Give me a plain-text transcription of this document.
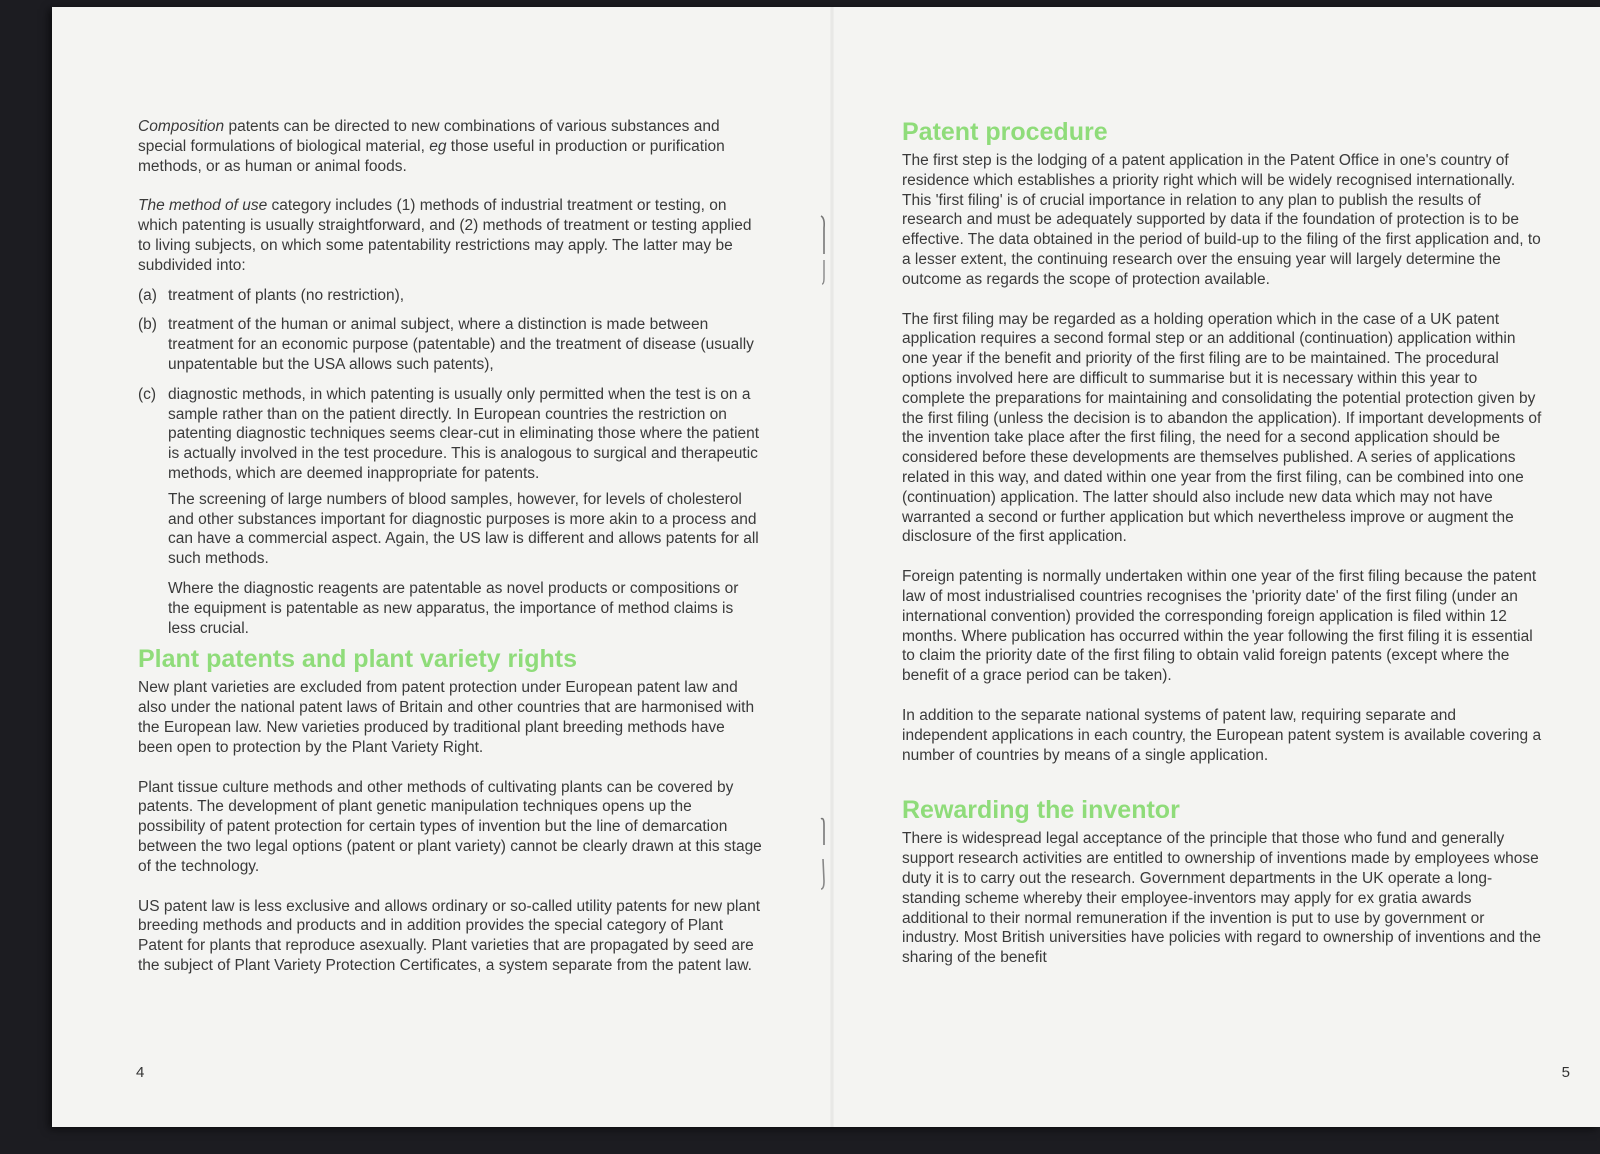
Composition patents can be directed to new combinations of various substances and special formulations of biological material, eg those useful in production or purification methods, or as human or animal foods.

The method of use category includes (1) methods of industrial treatment or testing, on which patenting is usually straightforward, and (2) methods of treatment or testing applied to living subjects, on which some patentability restrictions may apply. The latter may be subdivided into:

(a) treatment of plants (no restriction),
(b) treatment of the human or animal subject, where a distinction is made between treatment for an economic purpose (patentable) and the treatment of disease (usually unpatentable but the USA allows such patents),
(c) diagnostic methods, in which patenting is usually only permitted when the test is on a sample rather than on the patient directly. In European countries the restriction on patenting diagnostic techniques seems clear-cut in eliminating those where the patient is actually involved in the test procedure. This is analogous to surgical and therapeutic methods, which are deemed inappropriate for patents.

The screening of large numbers of blood samples, however, for levels of cholesterol and other substances important for diagnostic purposes is more akin to a process and can have a commercial aspect. Again, the US law is different and allows patents for all such methods.

Where the diagnostic reagents are patentable as novel products or compositions or the equipment is patentable as new apparatus, the importance of method claims is less crucial.

Plant patents and plant variety rights

New plant varieties are excluded from patent protection under European patent law and also under the national patent laws of Britain and other countries that are harmonised with the European law. New varieties produced by traditional plant breeding methods have been open to protection by the Plant Variety Right.

Plant tissue culture methods and other methods of cultivating plants can be covered by patents. The development of plant genetic manipulation techniques opens up the possibility of patent protection for certain types of invention but the line of demarcation between the two legal options (patent or plant variety) cannot be clearly drawn at this stage of the technology.

US patent law is less exclusive and allows ordinary or so-called utility patents for new plant breeding methods and products and in addition provides the special category of Plant Patent for plants that reproduce asexually. Plant varieties that are propagated by seed are the subject of Plant Variety Protection Certificates, a system separate from the patent law.

4
Patent procedure

The first step is the lodging of a patent application in the Patent Office in one's country of residence which establishes a priority right which will be widely recognised internationally. This 'first filing' is of crucial importance in relation to any plan to publish the results of research and must be adequately supported by data if the foundation of protection is to be effective. The data obtained in the period of build-up to the filing of the first application and, to a lesser extent, the continuing research over the ensuing year will largely determine the outcome as regards the scope of protection available.

The first filing may be regarded as a holding operation which in the case of a UK patent application requires a second formal step or an additional (continuation) application within one year if the benefit and priority of the first filing are to be maintained. The procedural options involved here are difficult to summarise but it is necessary within this year to complete the preparations for maintaining and consolidating the potential protection given by the first filing (unless the decision is to abandon the application). If important developments of the invention take place after the first filing, the need for a second application should be considered before these developments are themselves published. A series of applications related in this way, and dated within one year from the first filing, can be combined into one (continuation) application. The latter should also include new data which may not have warranted a second or further application but which nevertheless improve or augment the disclosure of the first application.

Foreign patenting is normally undertaken within one year of the first filing because the patent law of most industrialised countries recognises the 'priority date' of the first filing (under an international convention) provided the corresponding foreign application is filed within 12 months. Where publication has occurred within the year following the first filing it is essential to claim the priority date of the first filing to obtain valid foreign patents (except where the benefit of a grace period can be taken).

In addition to the separate national systems of patent law, requiring separate and independent applications in each country, the European patent system is available covering a number of countries by means of a single application.

Rewarding the inventor

There is widespread legal acceptance of the principle that those who fund and generally support research activities are entitled to ownership of inventions made by employees whose duty it is to carry out the research. Government departments in the UK operate a long-standing scheme whereby their employee-inventors may apply for ex gratia awards additional to their normal remuneration if the invention is put to use by government or industry. Most British universities have policies with regard to ownership of inventions and the sharing of the benefit

5
